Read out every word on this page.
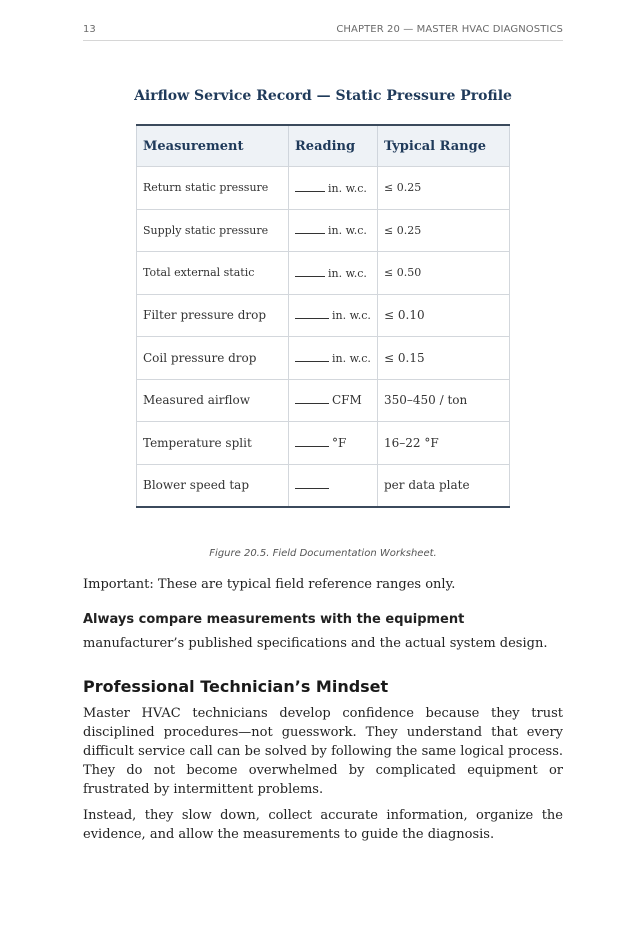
13	CHAPTER 20 — MASTER HVAC DIAGNOSTICS
Airflow Service Record — Static Pressure Profile
Measurement	Reading	Typical Range
Return static pressure	in. w.c.	≤ 0.25
Supply static pressure	in. w.c.	≤ 0.25
Total external static	in. w.c.	≤ 0.50
Filter pressure drop	in. w.c.	≤ 0.10
Coil pressure drop	in. w.c.	≤ 0.15
Measured airflow	CFM	350–450 / ton
Temperature split	°F	16–22 °F
Blower speed tap		per data plate
Figure 20.5. Field Documentation Worksheet.
Important: These are typical field reference ranges only.
Always compare measurements with the equipment
manufacturer’s published specifications and the actual system design.
Professional Technician’s Mindset
Master HVAC technicians develop confidence because they trust disciplined procedures—not guesswork. They understand that every difficult service call can be solved by following the same logical process. They do not become overwhelmed by complicated equipment or frustrated by intermittent problems.
Instead, they slow down, collect accurate information, organize the evidence, and allow the measurements to guide the diagnosis.
